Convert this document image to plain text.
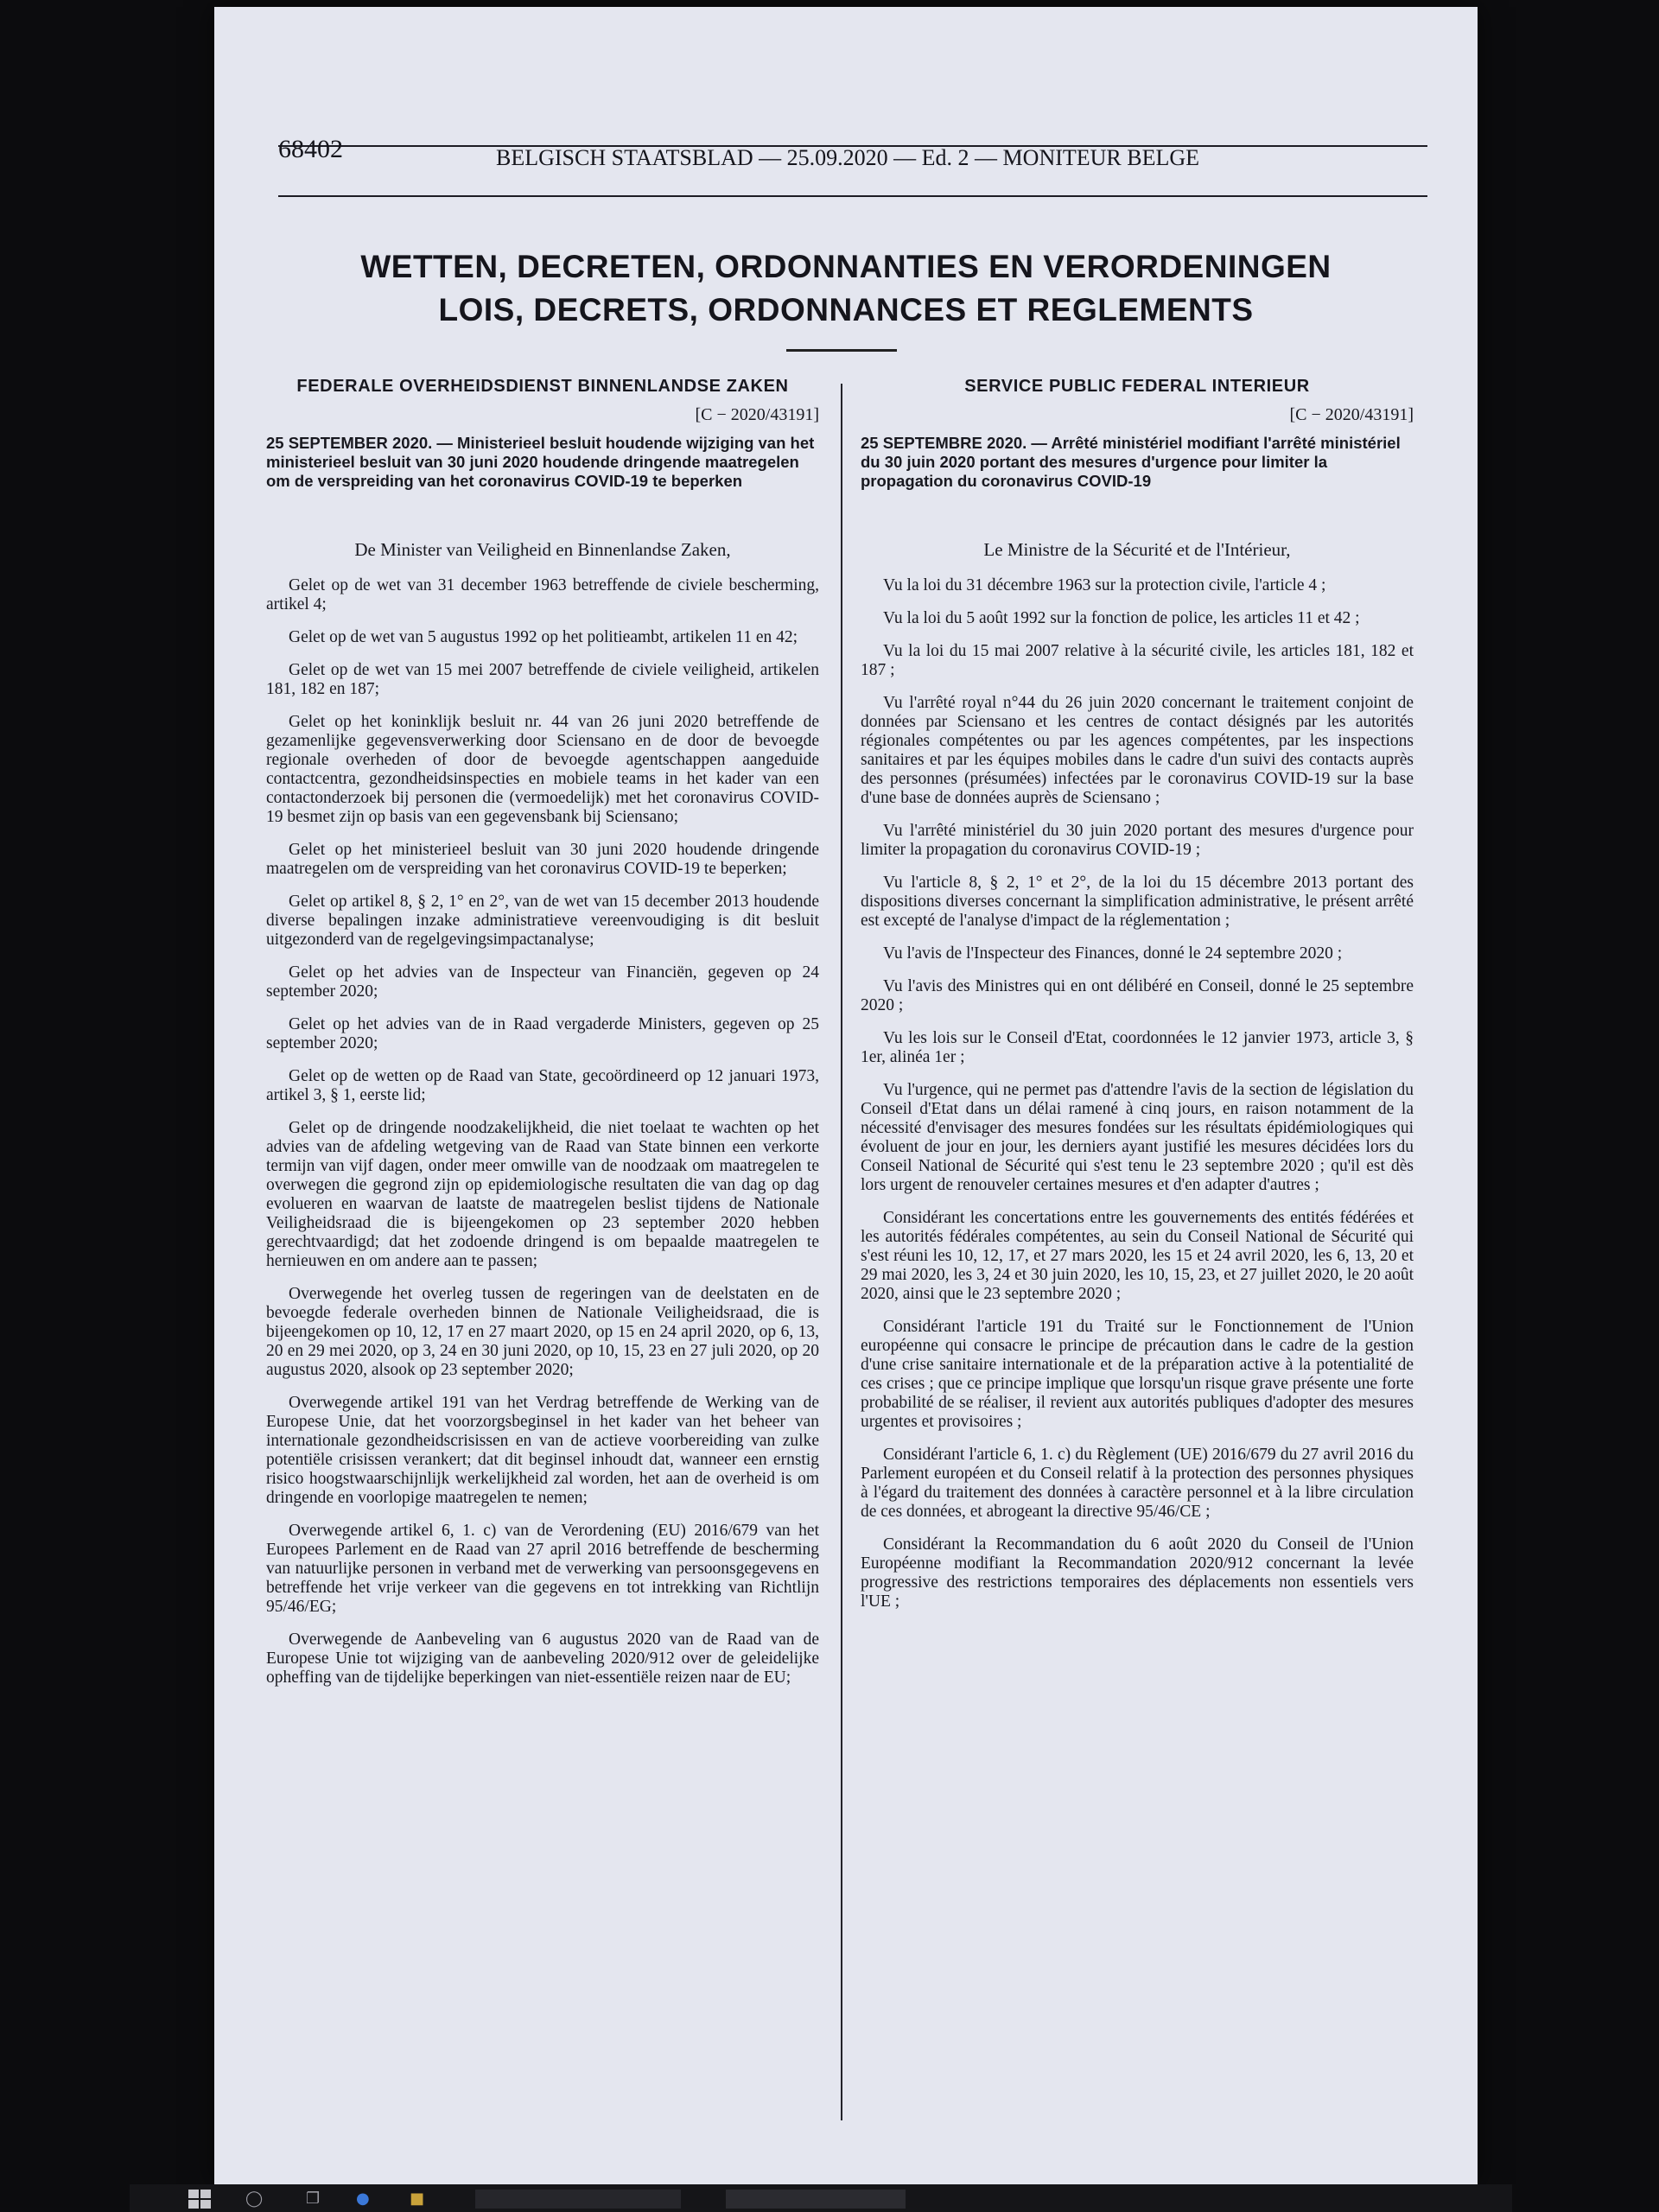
68402	BELGISCH STAATSBLAD — 25.09.2020 — Ed. 2 — MONITEUR BELGE
WETTEN, DECRETEN, ORDONNANTIES EN VERORDENINGEN
LOIS, DECRETS, ORDONNANCES ET REGLEMENTS
FEDERALE OVERHEIDSDIENST BINNENLANDSE ZAKEN
[C − 2020/43191]
25 SEPTEMBER 2020. — Ministerieel besluit houdende wijziging van het ministerieel besluit van 30 juni 2020 houdende dringende maatregelen om de verspreiding van het coronavirus COVID-19 te beperken
De Minister van Veiligheid en Binnenlandse Zaken,

Gelet op de wet van 31 december 1963 betreffende de civiele bescherming, artikel 4;

Gelet op de wet van 5 augustus 1992 op het politieambt, artikelen 11 en 42;

Gelet op de wet van 15 mei 2007 betreffende de civiele veiligheid, artikelen 181, 182 en 187;

Gelet op het koninklijk besluit nr. 44 van 26 juni 2020 betreffende de gezamenlijke gegevensverwerking door Sciensano en de door de bevoegde regionale overheden of door de bevoegde agentschappen aangeduide contactcentra, gezondheidsinspecties en mobiele teams in het kader van een contactonderzoek bij personen die (vermoedelijk) met het coronavirus COVID-19 besmet zijn op basis van een gegevensbank bij Sciensano;

Gelet op het ministerieel besluit van 30 juni 2020 houdende dringende maatregelen om de verspreiding van het coronavirus COVID-19 te beperken;

Gelet op artikel 8, § 2, 1° en 2°, van de wet van 15 december 2013 houdende diverse bepalingen inzake administratieve vereenvoudiging is dit besluit uitgezonderd van de regelgevingsimpactanalyse;

Gelet op het advies van de Inspecteur van Financiën, gegeven op 24 september 2020;

Gelet op het advies van de in Raad vergaderde Ministers, gegeven op 25 september 2020;

Gelet op de wetten op de Raad van State, gecoördineerd op 12 januari 1973, artikel 3, § 1, eerste lid;

Gelet op de dringende noodzakelijkheid, die niet toelaat te wachten op het advies van de afdeling wetgeving van de Raad van State binnen een verkorte termijn van vijf dagen, onder meer omwille van de noodzaak om maatregelen te overwegen die gegrond zijn op epidemiologische resultaten die van dag op dag evolueren en waarvan de laatste de maatregelen beslist tijdens de Nationale Veiligheidsraad die is bijeengekomen op 23 september 2020 hebben gerechtvaardigd; dat het zodoende dringend is om bepaalde maatregelen te hernieuwen en om andere aan te passen;

Overwegende het overleg tussen de regeringen van de deelstaten en de bevoegde federale overheden binnen de Nationale Veiligheidsraad, die is bijeengekomen op 10, 12, 17 en 27 maart 2020, op 15 en 24 april 2020, op 6, 13, 20 en 29 mei 2020, op 3, 24 en 30 juni 2020, op 10, 15, 23 en 27 juli 2020, op 20 augustus 2020, alsook op 23 september 2020;

Overwegende artikel 191 van het Verdrag betreffende de Werking van de Europese Unie, dat het voorzorgsbeginsel in het kader van het beheer van internationale gezondheidscrisissen en van de actieve voorbereiding van zulke potentiële crisissen verankert; dat dit beginsel inhoudt dat, wanneer een ernstig risico hoogstwaarschijnlijk werkelijkheid zal worden, het aan de overheid is om dringende en voorlopige maatregelen te nemen;

Overwegende artikel 6, 1. c) van de Verordening (EU) 2016/679 van het Europees Parlement en de Raad van 27 april 2016 betreffende de bescherming van natuurlijke personen in verband met de verwerking van persoonsgegevens en betreffende het vrije verkeer van die gegevens en tot intrekking van Richtlijn 95/46/EG;

Overwegende de Aanbeveling van 6 augustus 2020 van de Raad van de Europese Unie tot wijziging van de aanbeveling 2020/912 over de geleidelijke opheffing van de tijdelijke beperkingen van niet-essentiële reizen naar de EU;

SERVICE PUBLIC FEDERAL INTERIEUR
[C − 2020/43191]
25 SEPTEMBRE 2020. — Arrêté ministériel modifiant l'arrêté ministériel du 30 juin 2020 portant des mesures d'urgence pour limiter la propagation du coronavirus COVID-19
Le Ministre de la Sécurité et de l'Intérieur,

Vu la loi du 31 décembre 1963 sur la protection civile, l'article 4 ;

Vu la loi du 5 août 1992 sur la fonction de police, les articles 11 et 42 ;

Vu la loi du 15 mai 2007 relative à la sécurité civile, les articles 181, 182 et 187 ;

Vu l'arrêté royal n°44 du 26 juin 2020 concernant le traitement conjoint de données par Sciensano et les centres de contact désignés par les autorités régionales compétentes ou par les agences compétentes, par les inspections sanitaires et par les équipes mobiles dans le cadre d'un suivi des contacts auprès des personnes (présumées) infectées par le coronavirus COVID-19 sur la base d'une base de données auprès de Sciensano ;

Vu l'arrêté ministériel du 30 juin 2020 portant des mesures d'urgence pour limiter la propagation du coronavirus COVID-19 ;

Vu l'article 8, § 2, 1° et 2°, de la loi du 15 décembre 2013 portant des dispositions diverses concernant la simplification administrative, le présent arrêté est excepté de l'analyse d'impact de la réglementation ;

Vu l'avis de l'Inspecteur des Finances, donné le 24 septembre 2020 ;

Vu l'avis des Ministres qui en ont délibéré en Conseil, donné le 25 septembre 2020 ;

Vu les lois sur le Conseil d'Etat, coordonnées le 12 janvier 1973, article 3, § 1er, alinéa 1er ;

Vu l'urgence, qui ne permet pas d'attendre l'avis de la section de législation du Conseil d'Etat dans un délai ramené à cinq jours, en raison notamment de la nécessité d'envisager des mesures fondées sur les résultats épidémiologiques qui évoluent de jour en jour, les derniers ayant justifié les mesures décidées lors du Conseil National de Sécurité qui s'est tenu le 23 septembre 2020 ; qu'il est dès lors urgent de renouveler certaines mesures et d'en adapter d'autres ;

Considérant les concertations entre les gouvernements des entités fédérées et les autorités fédérales compétentes, au sein du Conseil National de Sécurité qui s'est réuni les 10, 12, 17, et 27 mars 2020, les 15 et 24 avril 2020, les 6, 13, 20 et 29 mai 2020, les 3, 24 et 30 juin 2020, les 10, 15, 23, et 27 juillet 2020, le 20 août 2020, ainsi que le 23 septembre 2020 ;

Considérant l'article 191 du Traité sur le Fonctionnement de l'Union européenne qui consacre le principe de précaution dans le cadre de la gestion d'une crise sanitaire internationale et de la préparation active à la potentialité de ces crises ; que ce principe implique que lorsqu'un risque grave présente une forte probabilité de se réaliser, il revient aux autorités publiques d'adopter des mesures urgentes et provisoires ;

Considérant l'article 6, 1. c) du Règlement (UE) 2016/679 du 27 avril 2016 du Parlement européen et du Conseil relatif à la protection des personnes physiques à l'égard du traitement des données à caractère personnel et à la libre circulation de ces données, et abrogeant la directive 95/46/CE ;

Considérant la Recommandation du 6 août 2020 du Conseil de l'Union Européenne modifiant la Recommandation 2020/912 concernant la levée progressive des restrictions temporaires des déplacements non essentiels vers l'UE ;

◯	❐ ●	■
